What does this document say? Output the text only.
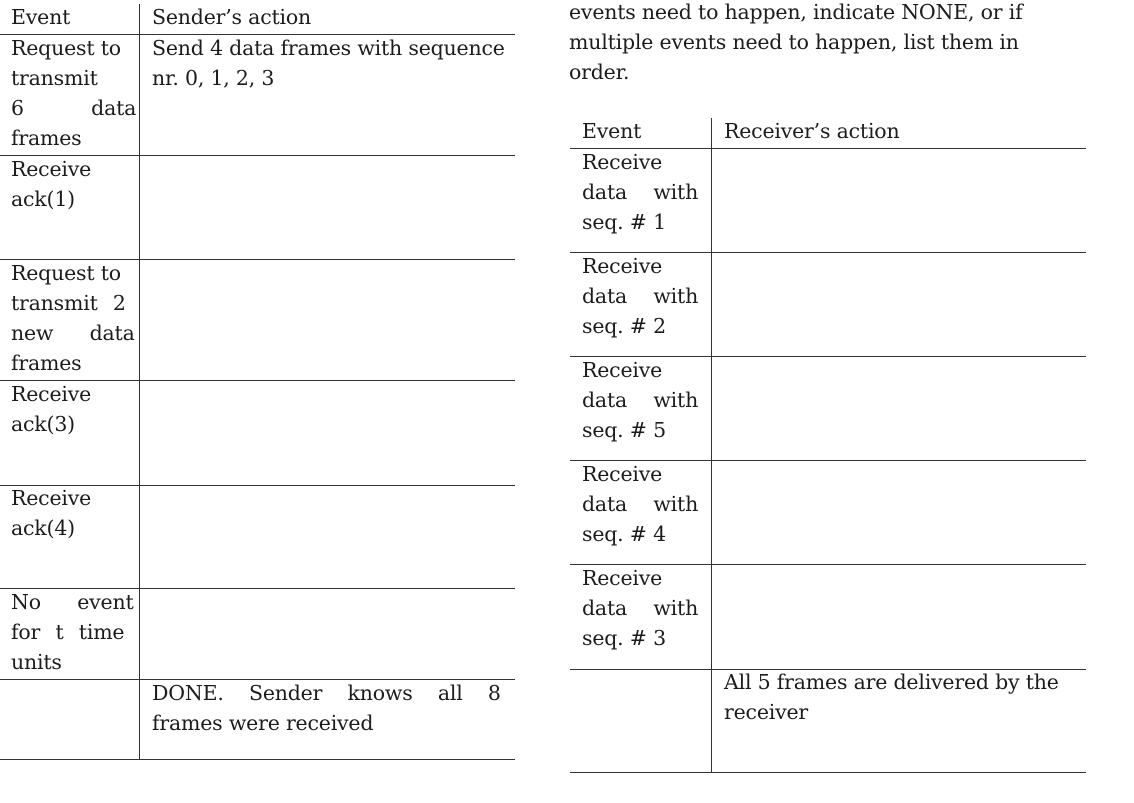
Event	Sender’s action
Request to
transmit
6 data
frames
Send 4 data frames with sequence
nr. 0, 1, 2, 3
Receive
ack(1)
Request to
transmit 2
new data
frames
Receive
ack(3)
Receive
ack(4)
No event
for t time
units
DONE. Sender knows all 8
frames were received
events need to happen, indicate NONE, or if
multiple events need to happen, list them in
order.
Event	Receiver’s action
Receive
data with
seq. # 1
Receive
data with
seq. # 2
Receive
data with
seq. # 5
Receive
data with
seq. # 4
Receive
data with
seq. # 3
All 5 frames are delivered by the
receiver
